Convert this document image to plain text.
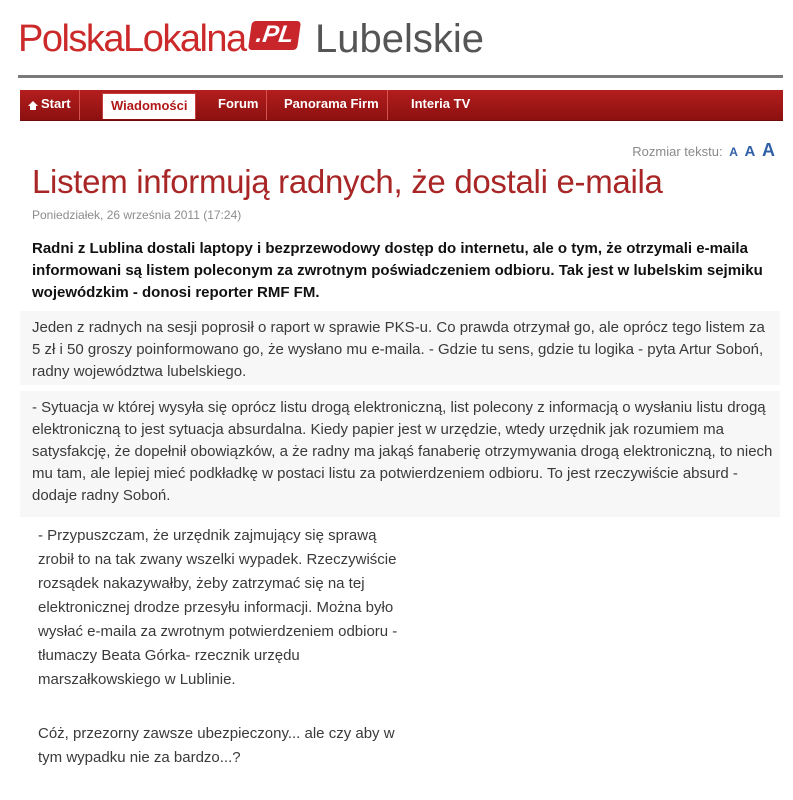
PolskaLokalna .PL Lubelskie
Start	Wiadomości	Forum	Panorama Firm	Interia TV
Rozmiar tekstu: A A A
Listem informują radnych, że dostali e-maila
Poniedziałek, 26 września 2011 (17:24)

Radni z Lublina dostali laptopy i bezprzewodowy dostęp do internetu, ale o tym, że otrzymali e-maila informowani są listem poleconym za zwrotnym poświadczeniem odbioru. Tak jest w lubelskim sejmiku wojewódzkim - donosi reporter RMF FM.

Jeden z radnych na sesji poprosił o raport w sprawie PKS-u. Co prawda otrzymał go, ale oprócz tego listem za 5 zł i 50 groszy poinformowano go, że wysłano mu e-maila. - Gdzie tu sens, gdzie tu logika - pyta Artur Soboń, radny województwa lubelskiego.

- Sytuacja w której wysyła się oprócz listu drogą elektroniczną, list polecony z informacją o wysłaniu listu drogą elektroniczną to jest sytuacja absurdalna. Kiedy papier jest w urzędzie, wtedy urzędnik jak rozumiem ma satysfakcję, że dopełnił obowiązków, a że radny ma jakąś fanaberię otrzymywania drogą elektroniczną, to niech mu tam, ale lepiej mieć podkładkę w postaci listu za potwierdzeniem odbioru. To jest rzeczywiście absurd - dodaje radny Soboń.

- Przypuszczam, że urzędnik zajmujący się sprawą zrobił to na tak zwany wszelki wypadek. Rzeczywiście rozsądek nakazywałby, żeby zatrzymać się na tej elektronicznej drodze przesyłu informacji. Można było wysłać e-maila za zwrotnym potwierdzeniem odbioru - tłumaczy Beata Górka- rzecznik urzędu marszałkowskiego w Lublinie.

Cóż, przezorny zawsze ubezpieczony... ale czy aby w tym wypadku nie za bardzo...?
